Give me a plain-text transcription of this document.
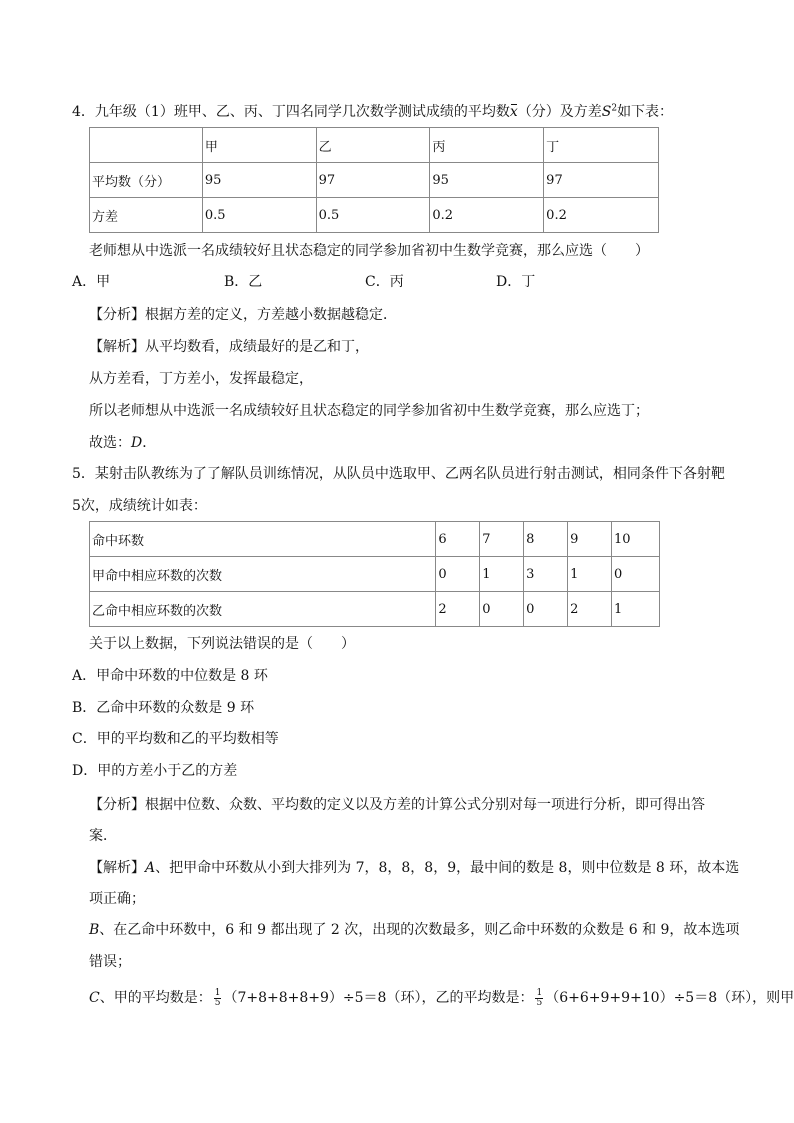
4．九年级（1）班甲、乙、丙、丁四名同学几次数学测试成绩的平均数x（分）及方差$S^2$如下表：
	甲	乙	丙	丁
平均数（分）	95	97	95	97
方差	0.5	0.5	0.2	0.2
老师想从中选派一名成绩较好且状态稳定的同学参加省初中生数学竞赛，那么应选（　　）
A．甲	B．乙	C．丙	D．丁
【分析】根据方差的定义，方差越小数据越稳定．
【解析】从平均数看，成绩最好的是乙和丁，
从方差看，丁方差小，发挥最稳定，
所以老师想从中选派一名成绩较好且状态稳定的同学参加省初中生数学竞赛，那么应选丁；
故选：D．
5．某射击队教练为了了解队员训练情况，从队员中选取甲、乙两名队员进行射击测试，相同条件下各射靶
5次，成绩统计如表：
命中环数	6	7	8	9	10
甲命中相应环数的次数	0	1	3	1	0
乙命中相应环数的次数	2	0	0	2	1
关于以上数据，下列说法错误的是（　　）
A．甲命中环数的中位数是 8 环
B．乙命中环数的众数是 9 环
C．甲的平均数和乙的平均数相等
D．甲的方差小于乙的方差
【分析】根据中位数、众数、平均数的定义以及方差的计算公式分别对每一项进行分析，即可得出答
案．
【解析】A、把甲命中环数从小到大排列为 7，8，8，8，9，最中间的数是 8，则中位数是 8 环，故本选
项正确；
B、在乙命中环数中，6 和 9 都出现了 2 次，出现的次数最多，则乙命中环数的众数是 6 和 9，故本选项
错误；
C、甲的平均数是： $\frac{1}{5} (7+8+8+8+9)\div 5=8$（环），乙的平均数是： $\frac{1}{5} (6+6+9+9+10)\div 5=8$（环），则甲
